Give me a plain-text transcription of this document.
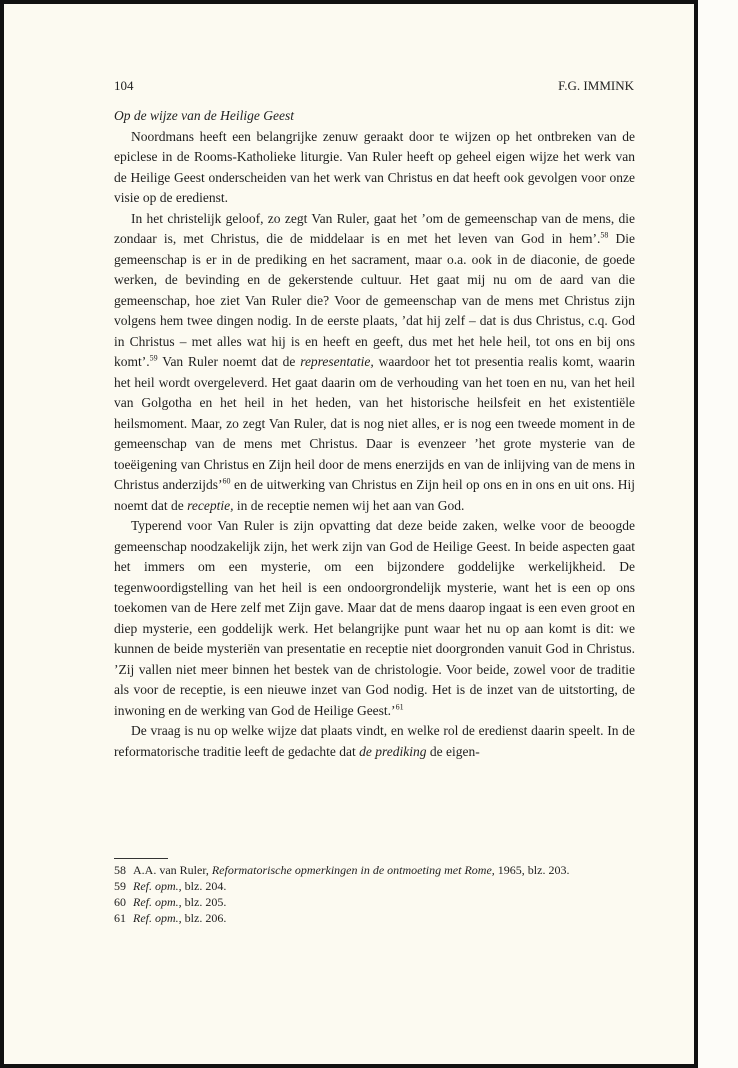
104	F.G. IMMINK
Op de wijze van de Heilige Geest

Noordmans heeft een belangrijke zenuw geraakt door te wijzen op het ontbreken van de epiclese in de Rooms-Katholieke liturgie. Van Ruler heeft op geheel eigen wijze het werk van de Heilige Geest onderscheiden van het werk van Christus en dat heeft ook gevolgen voor onze visie op de eredienst.

In het christelijk geloof, zo zegt Van Ruler, gaat het ’om de gemeenschap van de mens, die zondaar is, met Christus, die de middelaar is en met het leven van God in hem’.$^{58}$ Die gemeenschap is er in de prediking en het sacrament, maar o.a. ook in de diaconie, de goede werken, de bevinding en de gekerstende cultuur. Het gaat mij nu om de aard van die gemeenschap, hoe ziet Van Ruler die? Voor de gemeenschap van de mens met Christus zijn volgens hem twee dingen nodig. In de eerste plaats, ’dat hij zelf – dat is dus Christus, c.q. God in Christus – met alles wat hij is en heeft en geeft, dus met het hele heil, tot ons en bij ons komt’.$^{59}$ Van Ruler noemt dat de representatie, waardoor het tot presentia realis komt, waarin het heil wordt overgeleverd. Het gaat daarin om de verhouding van het toen en nu, van het heil van Golgotha en het heil in het heden, van het historische heilsfeit en het existentiële heilsmoment. Maar, zo zegt Van Ruler, dat is nog niet alles, er is nog een tweede moment in de gemeenschap van de mens met Christus. Daar is evenzeer ’het grote mysterie van de toeëigening van Christus en Zijn heil door de mens enerzijds en van de inlijving van de mens in Christus anderzijds’$^{60}$ en de uitwerking van Christus en Zijn heil op ons en in ons en uit ons. Hij noemt dat de receptie, in de receptie nemen wij het aan van God.

Typerend voor Van Ruler is zijn opvatting dat deze beide zaken, welke voor de beoogde gemeenschap noodzakelijk zijn, het werk zijn van God de Heilige Geest. In beide aspecten gaat het immers om een mysterie, om een bijzondere goddelijke werkelijkheid. De tegenwoordigstelling van het heil is een ondoorgrondelijk mysterie, want het is een op ons toekomen van de Here zelf met Zijn gave. Maar dat de mens daarop ingaat is een even groot en diep mysterie, een goddelijk werk. Het belangrijke punt waar het nu op aan komt is dit: we kunnen de beide mysteriën van presentatie en receptie niet doorgronden vanuit God in Christus. ’Zij vallen niet meer binnen het bestek van de christologie. Voor beide, zowel voor de traditie als voor de receptie, is een nieuwe inzet van God nodig. Het is de inzet van de uitstorting, de inwoning en de werking van God de Heilige Geest.’$^{61}$

De vraag is nu op welke wijze dat plaats vindt, en welke rol de eredienst daarin speelt. In de reformatorische traditie leeft de gedachte dat de prediking de eigen-

58 A.A. van Ruler, Reformatorische opmerkingen in de ontmoeting met Rome, 1965, blz. 203.
59 Ref. opm., blz. 204.
60 Ref. opm., blz. 205.
61 Ref. opm., blz. 206.
